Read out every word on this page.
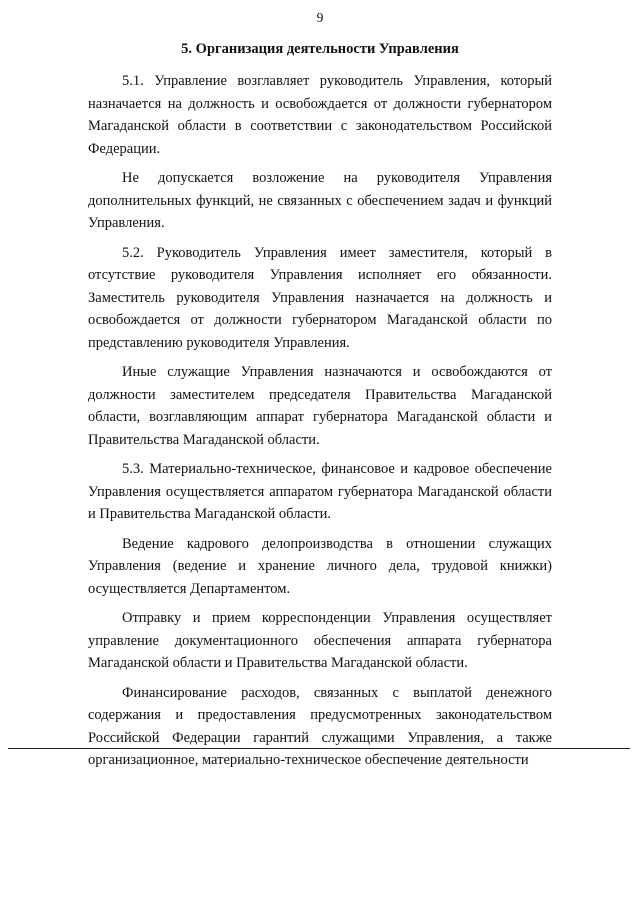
9

5. Организация деятельности Управления

5.1. Управление возглавляет руководитель Управления, который назначается на должность и освобождается от должности губернатором Магаданской области в соответствии с законодательством Российской Федерации.

Не допускается возложение на руководителя Управления дополнительных функций, не связанных с обеспечением задач и функций Управления.

5.2. Руководитель Управления имеет заместителя, который в отсутствие руководителя Управления исполняет его обязанности. Заместитель руководителя Управления назначается на должность и освобождается от должности губернатором Магаданской области по представлению руководителя Управления.

Иные служащие Управления назначаются и освобождаются от должности заместителем председателя Правительства Магаданской области, возглавляющим аппарат губернатора Магаданской области и Правительства Магаданской области.

5.3. Материально-техническое, финансовое и кадровое обеспечение Управления осуществляется аппаратом губернатора Магаданской области и Правительства Магаданской области.

Ведение кадрового делопроизводства в отношении служащих Управления (ведение и хранение личного дела, трудовой книжки) осуществляется Департаментом.

Отправку и прием корреспонденции Управления осуществляет управление документационного обеспечения аппарата губернатора Магаданской области и Правительства Магаданской области.

Финансирование расходов, связанных с выплатой денежного содержания и предоставления предусмотренных законодательством Российской Федерации гарантий служащими Управления, а также организационное, материально-техническое обеспечение деятельности
